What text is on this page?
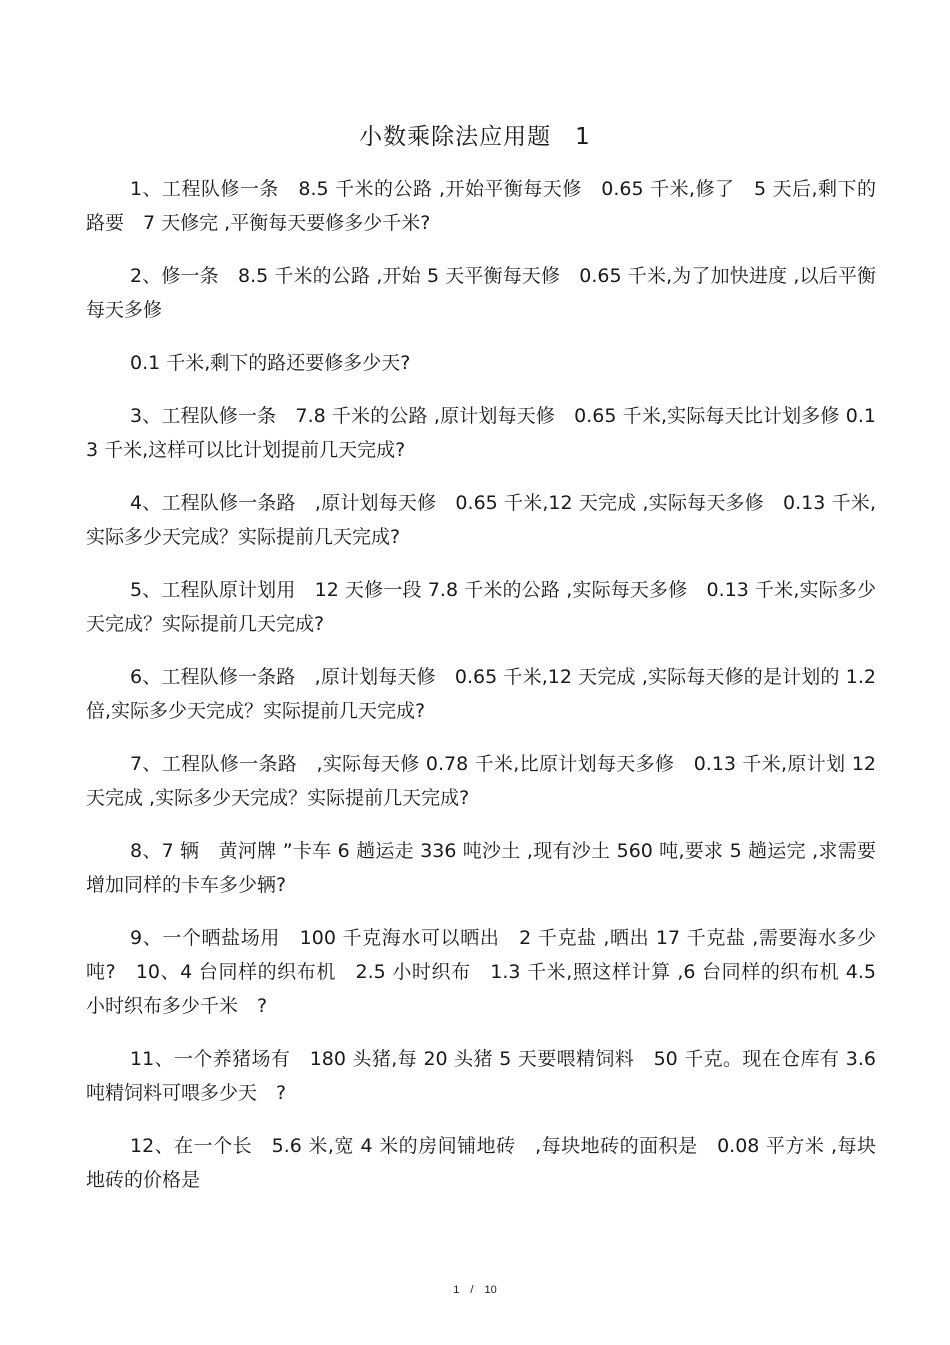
小数乘除法应用题　1

1、工程队修一条　8.5 千米的公路 ,开始平衡每天修　0.65 千米,修了　5 天后,剩下的路要　7 天修完 ,平衡每天要修多少千米?

2、修一条　8.5 千米的公路 ,开始 5 天平衡每天修　0.65 千米,为了加快进度 ,以后平衡每天多修

0.1 千米,剩下的路还要修多少天?

3、工程队修一条　7.8 千米的公路 ,原计划每天修　0.65 千米,实际每天比计划多修 0.13 千米,这样可以比计划提前几天完成?

4、工程队修一条路　,原计划每天修　0.65 千米,12 天完成 ,实际每天多修　0.13 千米,实际多少天完成？实际提前几天完成?

5、工程队原计划用　12 天修一段 7.8 千米的公路 ,实际每天多修　0.13 千米,实际多少天完成？实际提前几天完成?

6、工程队修一条路　,原计划每天修　0.65 千米,12 天完成 ,实际每天修的是计划的 1.2 倍,实际多少天完成？实际提前几天完成?

7、工程队修一条路　,实际每天修 0.78 千米,比原计划每天多修　0.13 千米,原计划 12 天完成 ,实际多少天完成？实际提前几天完成?

8、7 辆　黄河牌 ”卡车 6 趟运走 336 吨沙土 ,现有沙土 560 吨,要求 5 趟运完 ,求需要增加同样的卡车多少辆?

9、一个晒盐场用　100 千克海水可以晒出　2 千克盐 ,晒出 17 千克盐 ,需要海水多少吨?　10、4 台同样的织布机　2.5 小时织布　1.3 千米,照这样计算 ,6 台同样的织布机 4.5 小时织布多少千米　?

11、一个养猪场有　180 头猪,每 20 头猪 5 天要喂精饲料　50 千克。现在仓库有 3.6 吨精饲料可喂多少天　?

12、在一个长　5.6 米,宽 4 米的房间铺地砖　,每块地砖的面积是　0.08 平方米 ,每块地砖的价格是

1　/　10
